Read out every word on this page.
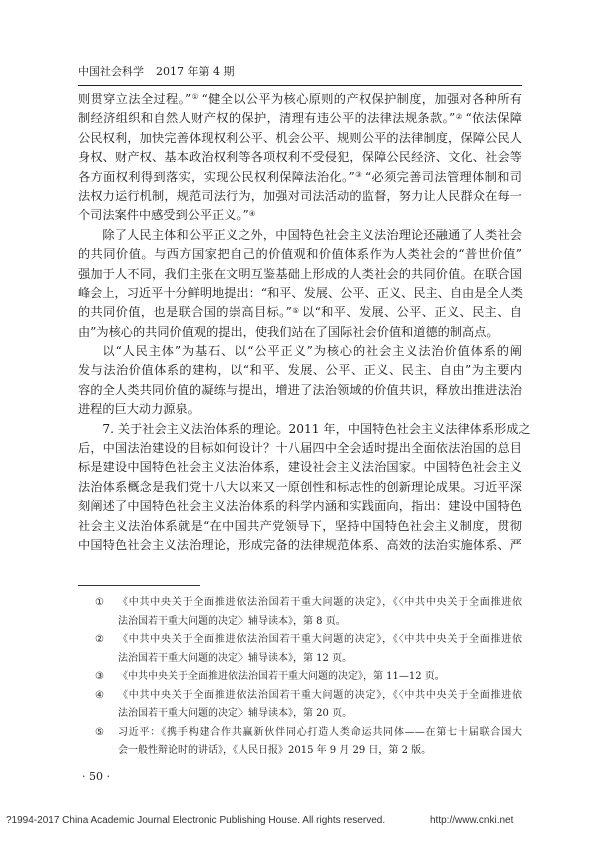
中国社会科学 2017 年第 4 期
则贯穿立法全过程。”① “健全以公平为核心原则的产权保护制度，加强对各种所有
制经济组织和自然人财产权的保护，清理有违公平的法律法规条款。”② “依法保障
公民权利，加快完善体现权利公平、机会公平、规则公平的法律制度，保障公民人
身权、财产权、基本政治权利等各项权利不受侵犯，保障公民经济、文化、社会等
各方面权利得到落实，实现公民权利保障法治化。”③ “必须完善司法管理体制和司
法权力运行机制，规范司法行为，加强对司法活动的监督，努力让人民群众在每一
个司法案件中感受到公平正义。”④
除了人民主体和公平正义之外，中国特色社会主义法治理论还融通了人类社会
的共同价值。与西方国家把自己的价值观和价值体系作为人类社会的“普世价值”
强加于人不同，我们主张在文明互鉴基础上形成的人类社会的共同价值。在联合国
峰会上，习近平十分鲜明地提出：“和平、发展、公平、正义、民主、自由是全人类
的共同价值，也是联合国的崇高目标。”⑤ 以“和平、发展、公平、正义、民主、自
由”为核心的共同价值观的提出，使我们站在了国际社会价值和道德的制高点。
以“人民主体”为基石、以“公平正义”为核心的社会主义法治价值体系的阐
发与法治价值体系的建构，以“和平、发展、公平、正义、民主、自由”为主要内
容的全人类共同价值的凝练与提出，增进了法治领域的价值共识，释放出推进法治
进程的巨大动力源泉。
7. 关于社会主义法治体系的理论。2011 年，中国特色社会主义法律体系形成之
后，中国法治建设的目标如何设计？十八届四中全会适时提出全面依法治国的总目
标是建设中国特色社会主义法治体系，建设社会主义法治国家。中国特色社会主义
法治体系概念是我们党十八大以来又一原创性和标志性的创新理论成果。习近平深
刻阐述了中国特色社会主义法治体系的科学内涵和实践面向，指出：建设中国特色
社会主义法治体系就是“在中国共产党领导下，坚持中国特色社会主义制度，贯彻
中国特色社会主义法治理论，形成完备的法律规范体系、高效的法治实施体系、严
① 《中共中央关于全面推进依法治国若干重大问题的决定》，《〈中共中央关于全面推进依
法治国若干重大问题的决定〉辅导读本》，第 8 页。
② 《中共中央关于全面推进依法治国若干重大问题的决定》，《〈中共中央关于全面推进依
法治国若干重大问题的决定〉辅导读本》，第 12 页。
③ 《中共中央关于全面推进依法治国若干重大问题的决定》，第 11—12 页。
④ 《中共中央关于全面推进依法治国若干重大问题的决定》，《〈中共中央关于全面推进依
法治国若干重大问题的决定〉辅导读本》，第 20 页。
⑤ 习近平：《携手构建合作共赢新伙伴同心打造人类命运共同体——在第七十届联合国大
会一般性辩论时的讲话》，《人民日报》2015 年 9 月 29 日，第 2 版。
· 50 ·
?1994-2017 China Academic Journal Electronic Publishing House. All rights reserved.	http://www.cnki.net
